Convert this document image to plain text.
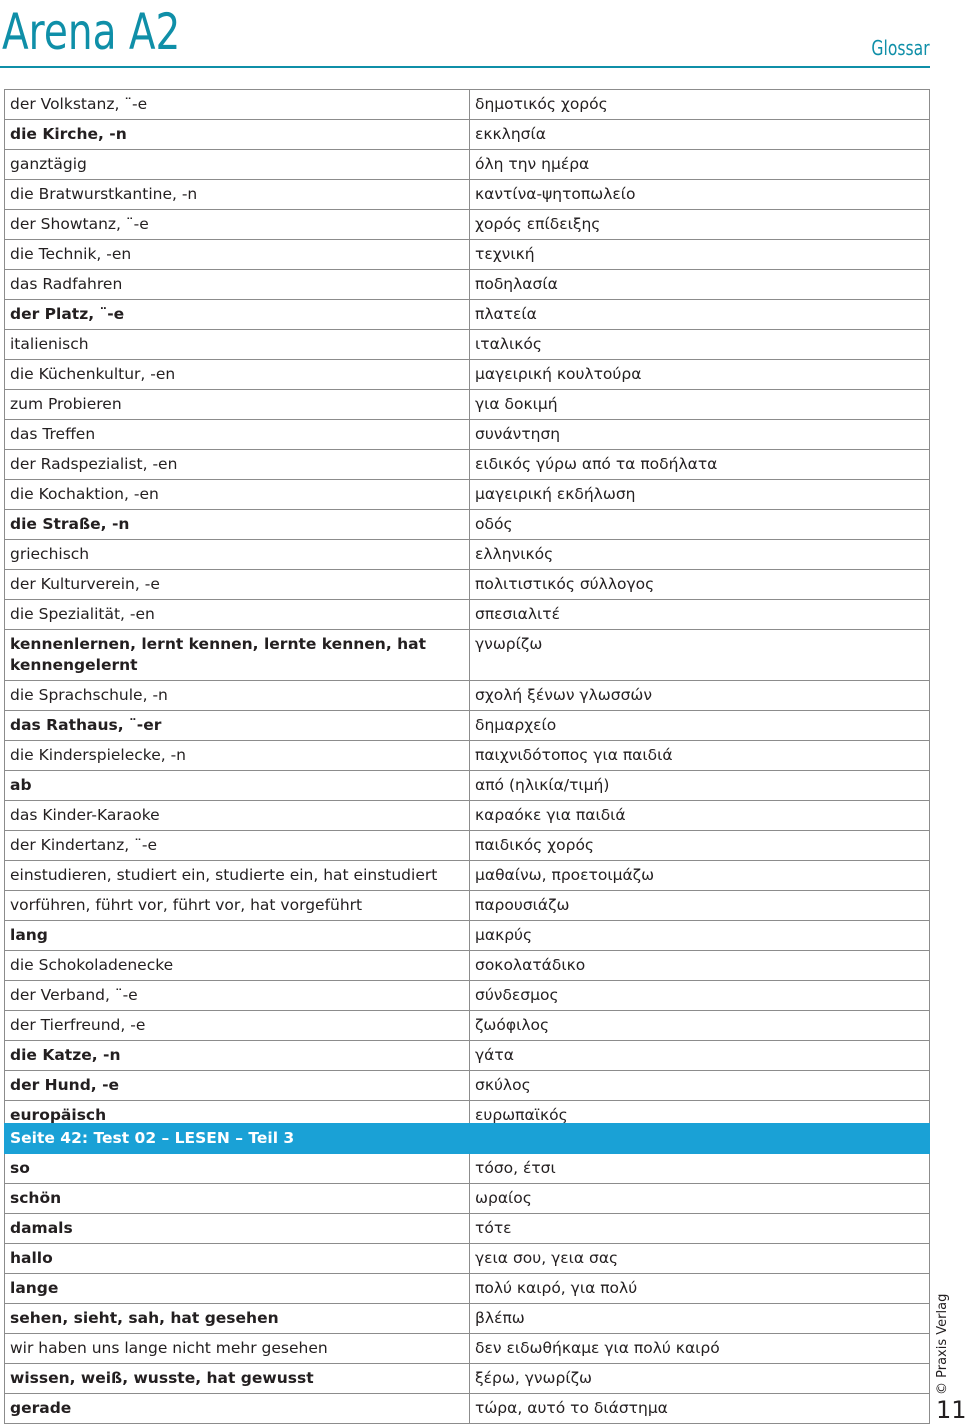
Arena A2	Glossar
der Volkstanz, ¨-e	δημοτικός χορός
die Kirche, -n	εκκλησία
ganztägig	όλη την ημέρα
die Bratwurstkantine, -n	καντίνα-ψητοπωλείο
der Showtanz, ¨-e	χορός επίδειξης
die Technik, -en	τεχνική
das Radfahren	ποδηλασία
der Platz, ¨-e	πλατεία
italienisch	ιταλικός
die Küchenkultur, -en	μαγειρική κουλτούρα
zum Probieren	για δοκιμή
das Treffen	συνάντηση
der Radspezialist, -en	ειδικός γύρω από τα ποδήλατα
die Kochaktion, -en	μαγειρική εκδήλωση
die Straße, -n	οδός
griechisch	ελληνικός
der Kulturverein, -e	πολιτιστικός σύλλογος
die Spezialität, -en	σπεσιαλιτέ
kennenlernen, lernt kennen, lernte kennen, hat kennengelernt	γνωρίζω
die Sprachschule, -n	σχολή ξένων γλωσσών
das Rathaus, ¨-er	δημαρχείο
die Kinderspielecke, -n	παιχνιδότοπος για παιδιά
ab	από (ηλικία/τιμή)
das Kinder-Karaoke	καραόκε για παιδιά
der Kindertanz, ¨-e	παιδικός χορός
einstudieren, studiert ein, studierte ein, hat einstudiert	μαθαίνω, προετοιμάζω
vorführen, führt vor, führt vor, hat vorgeführt	παρουσιάζω
lang	μακρύς
die Schokoladenecke	σοκολατάδικο
der Verband, ¨-e	σύνδεσμος
der Tierfreund, -e	ζωόφιλος
die Katze, -n	γάτα
der Hund, -e	σκύλος
europäisch	ευρωπαϊκός
Seite 42: Test 02 – LESEN – Teil 3	
so	τόσο, έτσι
schön	ωραίος
damals	τότε
hallo	γεια σου, γεια σας
lange	πολύ καιρό, για πολύ
sehen, sieht, sah, hat gesehen	βλέπω
wir haben uns lange nicht mehr gesehen	δεν ειδωθήκαμε για πολύ καιρό
wissen, weiß, wusste, hat gewusst	ξέρω, γνωρίζω
gerade	τώρα, αυτό το διάστημα
© Praxis Verlag
11
